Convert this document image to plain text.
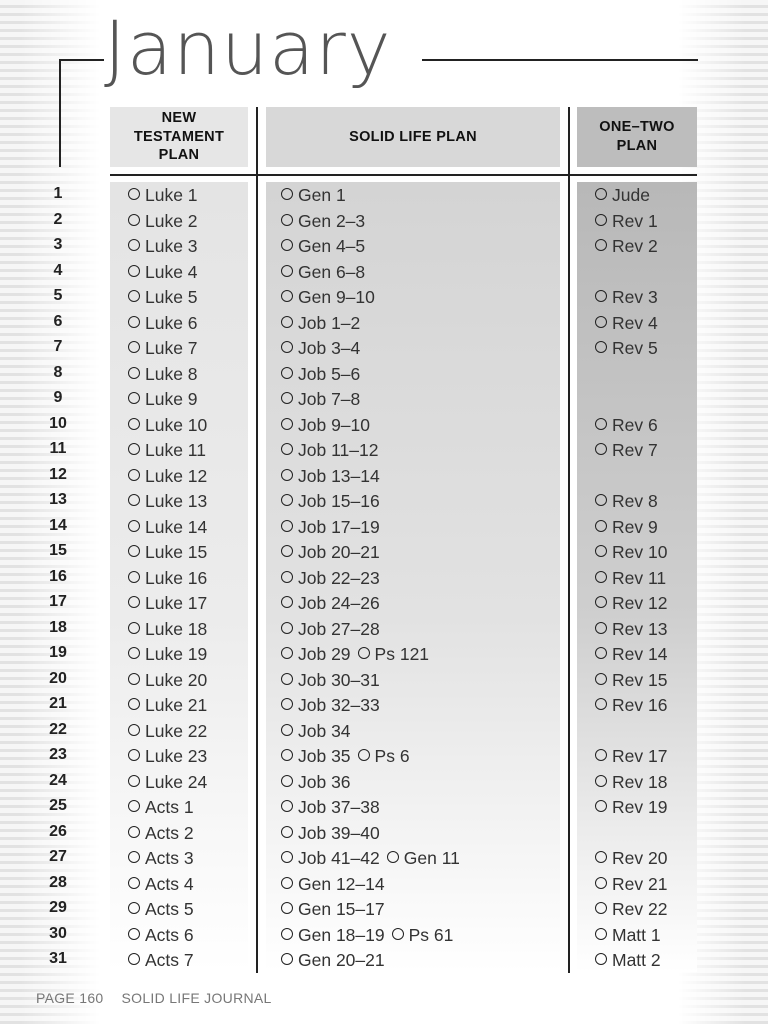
January
NEW
TESTAMENT
PLAN
SOLID LIFE PLAN
ONE–TWO
PLAN
1	Luke 1	Gen 1	Jude
2	Luke 2	Gen 2–3	Rev 1
3	Luke 3	Gen 4–5	Rev 2
4	Luke 4	Gen 6–8
5	Luke 5	Gen 9–10	Rev 3
6	Luke 6	Job 1–2	Rev 4
7	Luke 7	Job 3–4	Rev 5
8	Luke 8	Job 5–6
9	Luke 9	Job 7–8
10	Luke 10	Job 9–10	Rev 6
11	Luke 11	Job 11–12	Rev 7
12	Luke 12	Job 13–14
13	Luke 13	Job 15–16	Rev 8
14	Luke 14	Job 17–19	Rev 9
15	Luke 15	Job 20–21	Rev 10
16	Luke 16	Job 22–23	Rev 11
17	Luke 17	Job 24–26	Rev 12
18	Luke 18	Job 27–28	Rev 13
19	Luke 19	Job 29 Ps 121	Rev 14
20	Luke 20	Job 30–31	Rev 15
21	Luke 21	Job 32–33	Rev 16
22	Luke 22	Job 34
23	Luke 23	Job 35 Ps 6	Rev 17
24	Luke 24	Job 36	Rev 18
25	Acts 1	Job 37–38	Rev 19
26	Acts 2	Job 39–40
27	Acts 3	Job 41–42 Gen 11	Rev 20
28	Acts 4	Gen 12–14	Rev 21
29	Acts 5	Gen 15–17	Rev 22
30	Acts 6	Gen 18–19 Ps 61	Matt 1
31	Acts 7	Gen 20–21	Matt 2
PAGE 160 SOLID LIFE JOURNAL
